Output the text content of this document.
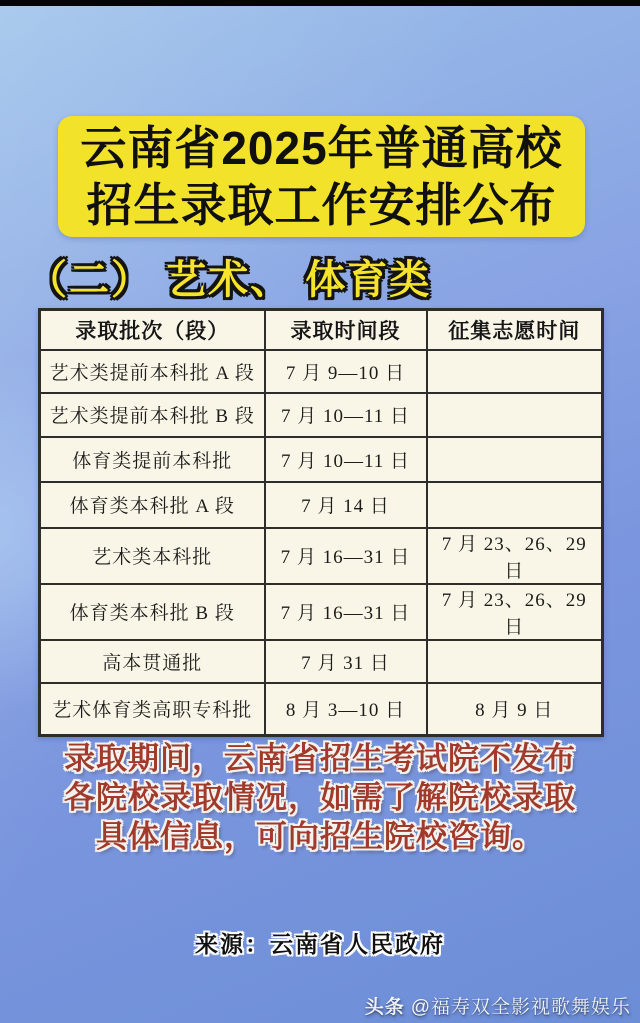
云南省2025年普通高校
招生录取工作安排公布
（二） 艺术、 体育类
录取批次（段）	录取时间段	征集志愿时间
艺术类提前本科批 A 段	7 月 9—10 日	
艺术类提前本科批 B 段	7 月 10—11 日	
体育类提前本科批	7 月 10—11 日	
体育类本科批 A 段	7 月 14 日	
艺术类本科批	7 月 16—31 日	7 月 23、26、29 日
体育类本科批 B 段	7 月 16—31 日	7 月 23、26、29 日
高本贯通批	7 月 31 日	
艺术体育类高职专科批	8 月 3—10 日	8 月 9 日
录取期间，云南省招生考试院不发布
各院校录取情况，如需了解院校录取
具体信息，可向招生院校咨询。
来源：云南省人民政府
头条 @福寿双全影视歌舞娱乐
